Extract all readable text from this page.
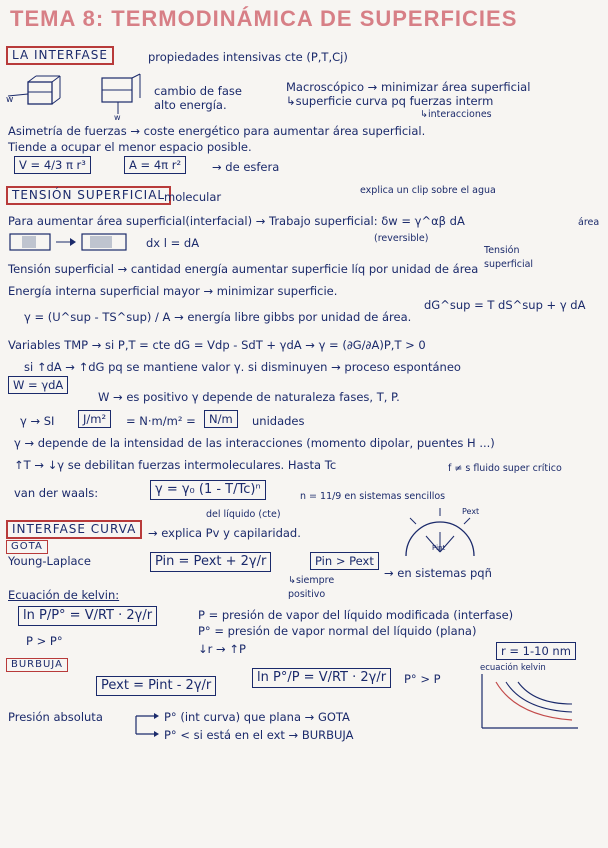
TEMA 8: TERMODINÁMICA DE SUPERFICIES
LA INTERFASE	propiedades intensivas cte (P,T,Cj)
w
w
cambio de fase
alto energía.
Macroscópico → minimizar área superficial
↳superficie curva pq fuerzas interm
↳interacciones
Asimetría de fuerzas → coste energético para aumentar área superficial.
Tiende a ocupar el menor espacio posible.
V = 4/3 π r³	A = 4π r²	→ de esfera
TENSIÓN SUPERFICIAL
molecular	explica un clip sobre el agua
Para aumentar área superficial(interfacial) → Trabajo superficial: δw = γ^αβ dA	área
(reversible)
Tensión superficial
dx l = dA
Tensión superficial → cantidad energía aumentar superficie líq por unidad de área
Energía interna superficial mayor → minimizar superficie.
dG^sup = T dS^sup + γ dA
γ = (U^sup - TS^sup) / A → energía libre gibbs por unidad de área.
Variables TMP → si P,T = cte dG = Vdp - SdT + γdA → γ = (∂G/∂A)P,T > 0
si ↑dA → ↑dG pq se mantiene valor γ. si disminuyen → proceso espontáneo
W = γdA
W → es positivo γ depende de naturaleza fases, T, P.
γ → SI	J/m²	= N·m/m² =	N/m	unidades
γ → depende de la intensidad de las interacciones (momento dipolar, puentes H ...)
↑T → ↓γ se debilitan fuerzas intermoleculares. Hasta Tc	f ≠ s fluido super crítico
van der waals:	γ = γ₀ (1 - T/Tc)ⁿ	n = 11/9 en sistemas sencillos
del líquido (cte)
INTERFASE CURVA	→ explica Pv y capilaridad.
GOTA
Young-Laplace	Pin = Pext + 2γ/r	Pin > Pext
→ en sistemas pqñ
↳siempre positivo
Pint
Pext
Ecuación de kelvin:
ln P/P° = V/RT · 2γ/r	P = presión de vapor del líquido modificada (interfase)
P° = presión de vapor normal del líquido (plana)
P > P°
↓r → ↑P	r = 1-10 nm
BURBUJA
Pext = Pint - 2γ/r
ln P°/P = V/RT · 2γ/r	P° > P
ecuación kelvin
Presión absoluta	P° (int curva) que plana → GOTA
P° < si está en el ext → BURBUJA
